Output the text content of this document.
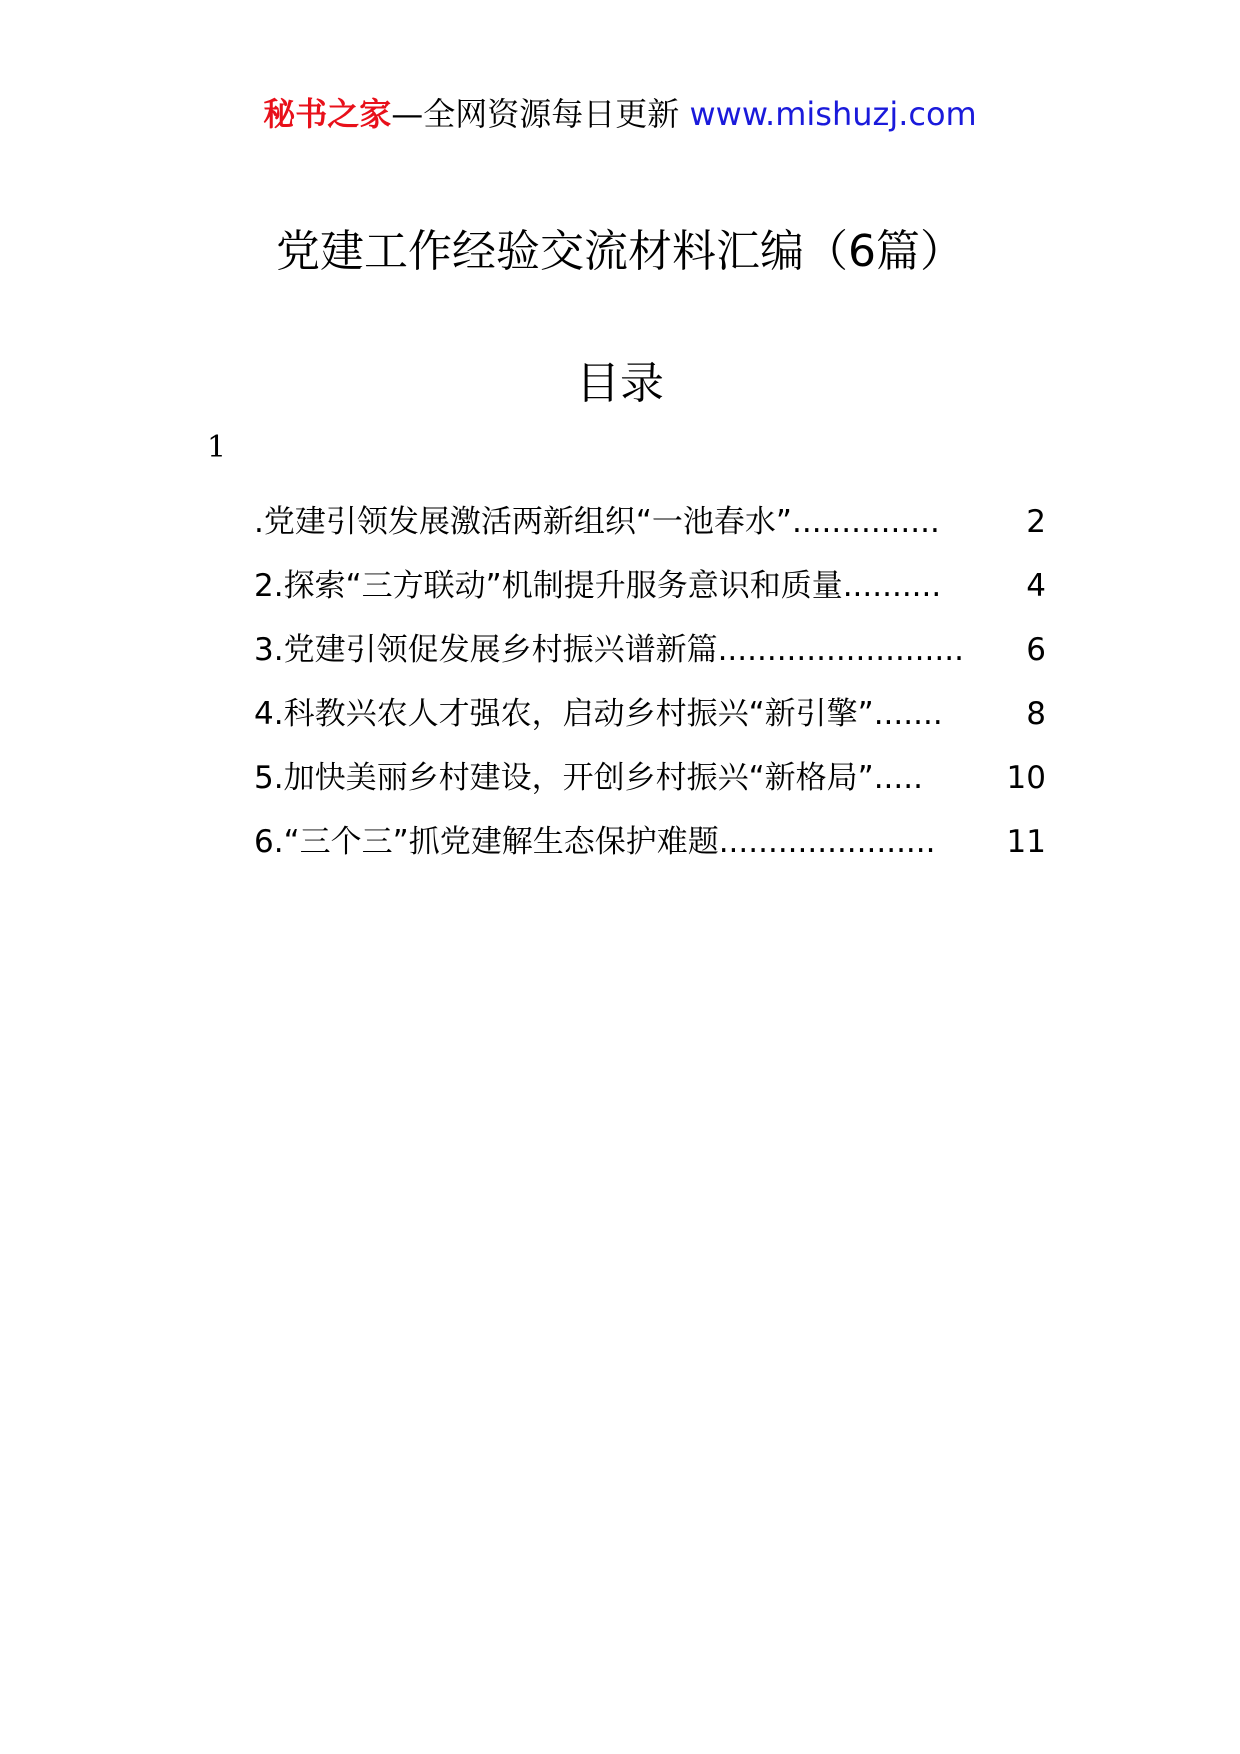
秘书之家—全网资源每日更新 www.mishuzj.com
党建工作经验交流材料汇编（6篇）
目录
1
.党建引领发展激活两新组织“一池春水” ...............	2
2.探索“三方联动”机制提升服务意识和质量 ..........	4
3.党建引领促发展乡村振兴谱新篇 .........................	6
4.科教兴农人才强农，启动乡村振兴“新引擎” .......	8
5.加快美丽乡村建设，开创乡村振兴“新格局” .....	10
6.“三个三”抓党建解生态保护难题 ......................	11
